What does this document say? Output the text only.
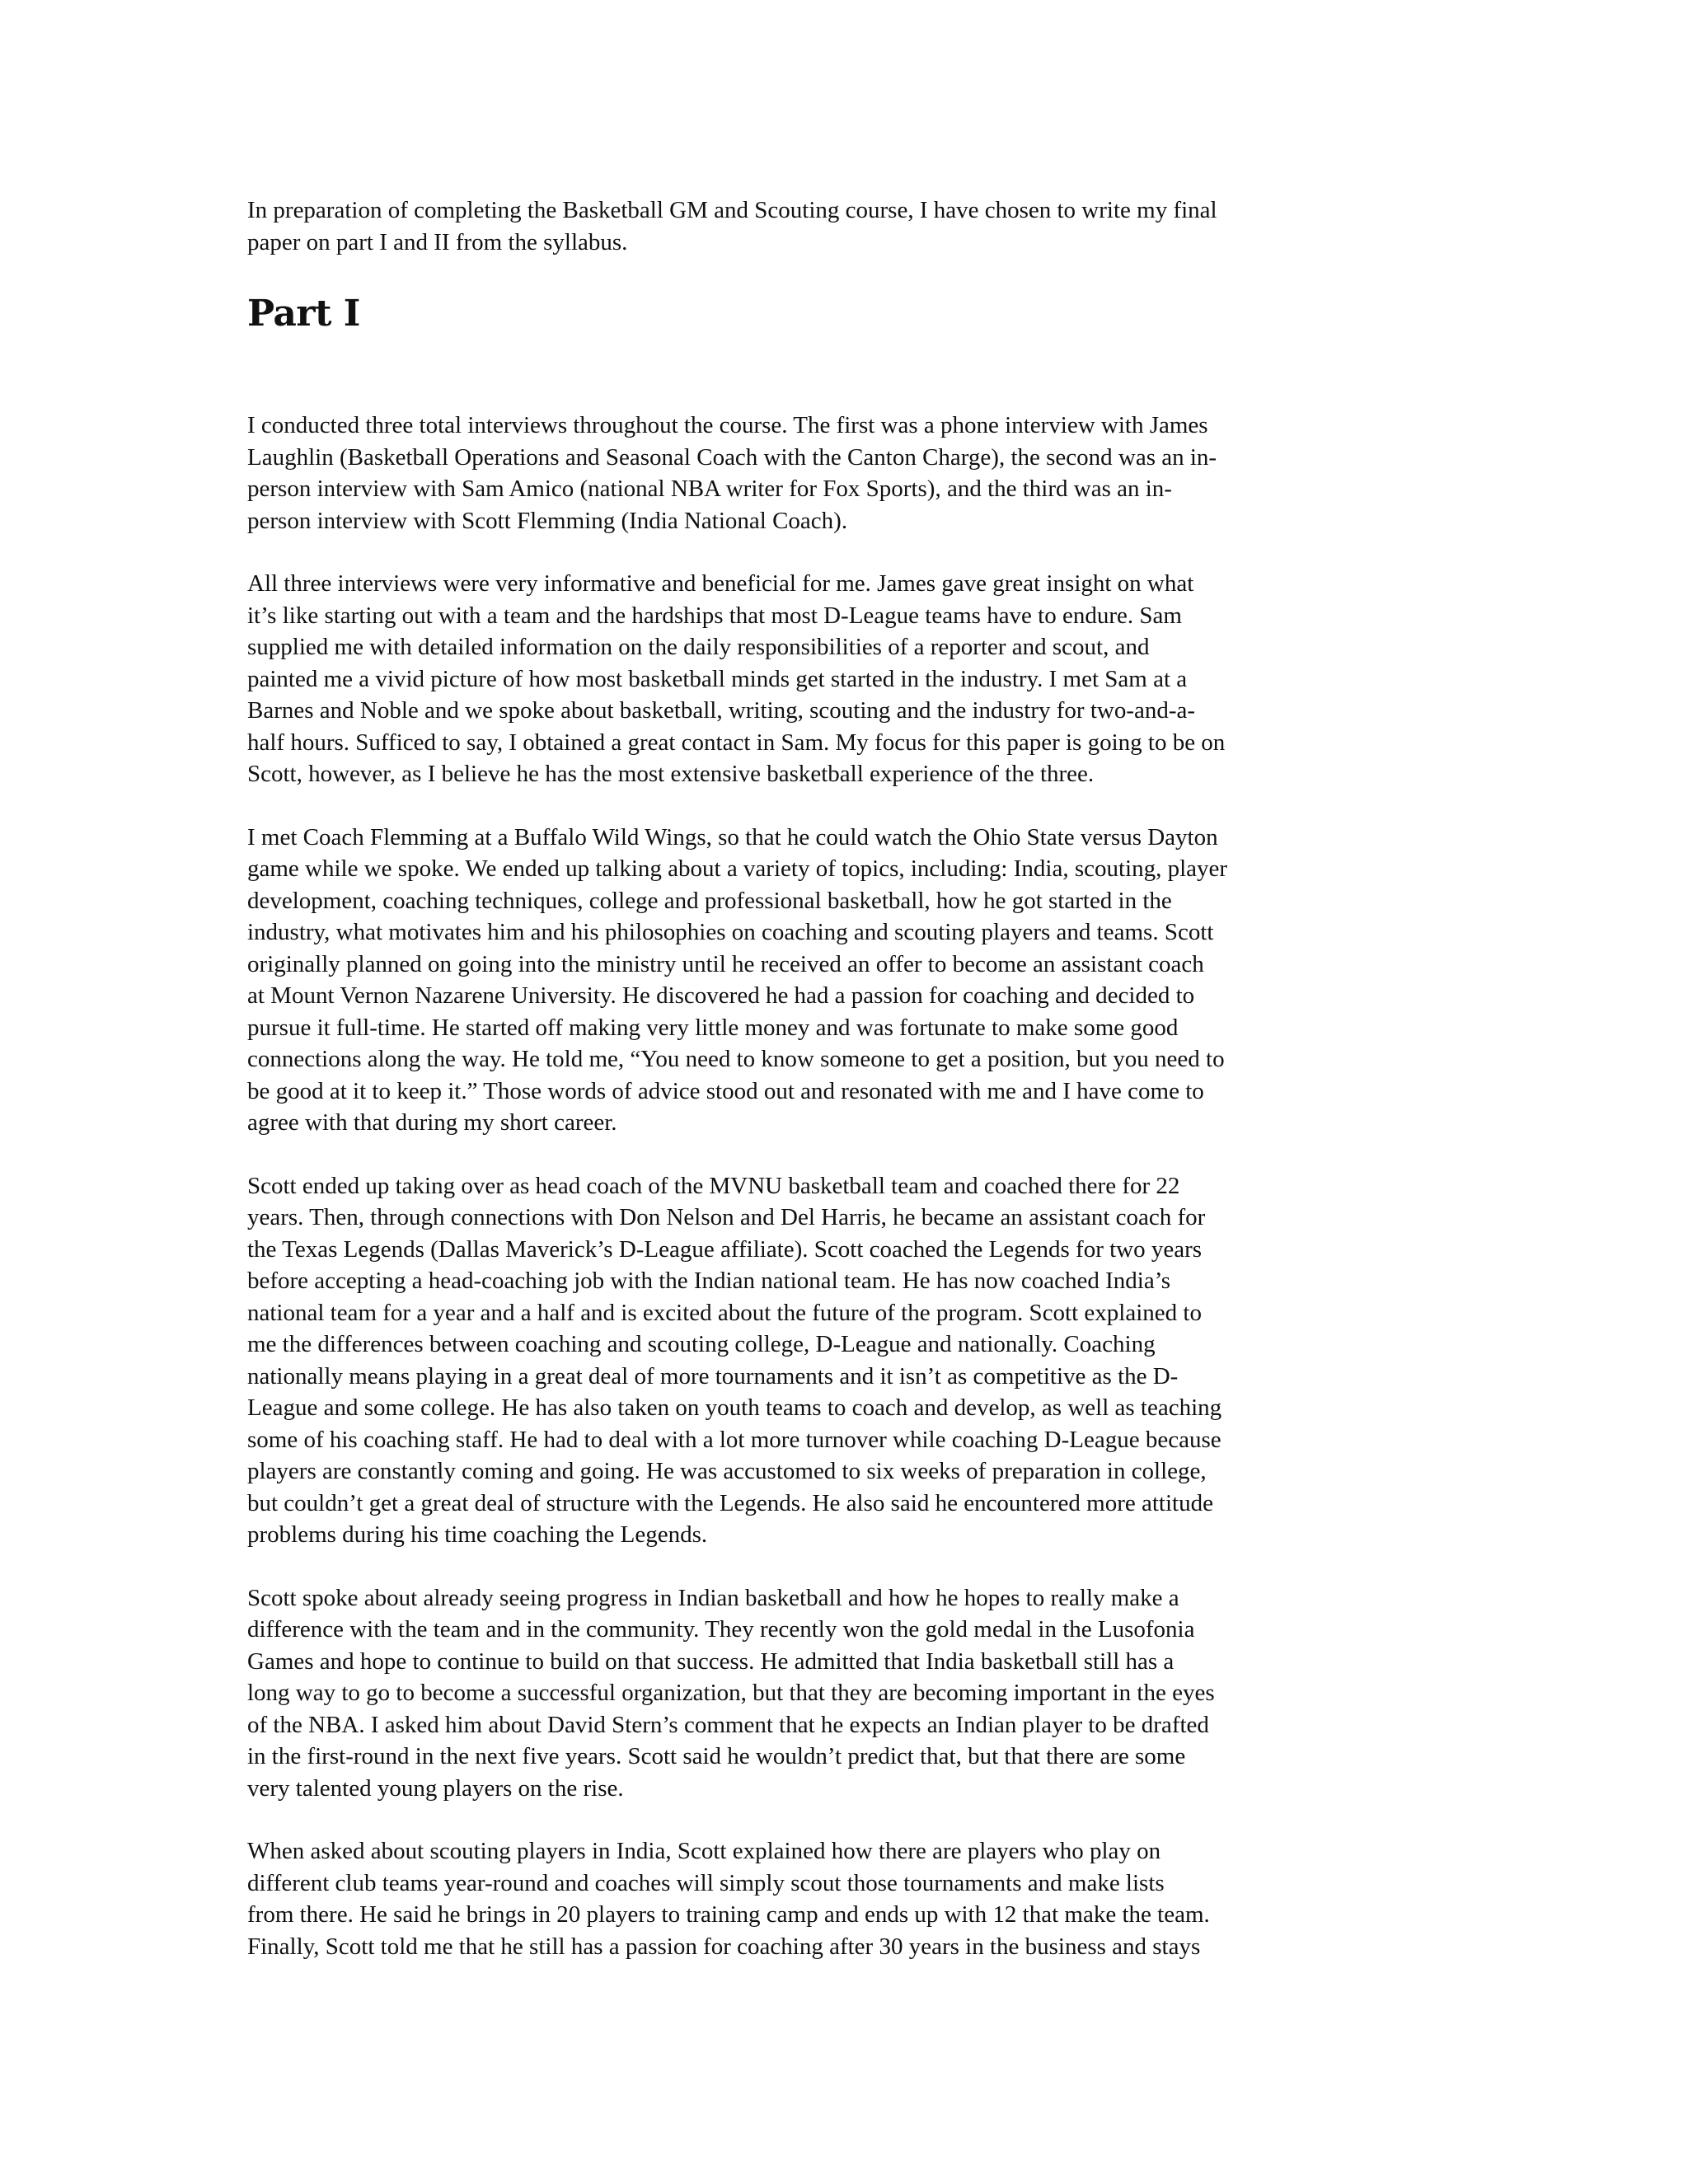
In preparation of completing the Basketball GM and Scouting course, I have chosen to write my final
paper on part I and II from the syllabus.
Part I
I conducted three total interviews throughout the course. The first was a phone interview with James
Laughlin (Basketball Operations and Seasonal Coach with the Canton Charge), the second was an in-
person interview with Sam Amico (national NBA writer for Fox Sports), and the third was an in-
person interview with Scott Flemming (India National Coach).
All three interviews were very informative and beneficial for me. James gave great insight on what
it’s like starting out with a team and the hardships that most D-League teams have to endure. Sam
supplied me with detailed information on the daily responsibilities of a reporter and scout, and
painted me a vivid picture of how most basketball minds get started in the industry. I met Sam at a
Barnes and Noble and we spoke about basketball, writing, scouting and the industry for two-and-a-
half hours. Sufficed to say, I obtained a great contact in Sam. My focus for this paper is going to be on
Scott, however, as I believe he has the most extensive basketball experience of the three.
I met Coach Flemming at a Buffalo Wild Wings, so that he could watch the Ohio State versus Dayton
game while we spoke. We ended up talking about a variety of topics, including: India, scouting, player
development, coaching techniques, college and professional basketball, how he got started in the
industry, what motivates him and his philosophies on coaching and scouting players and teams. Scott
originally planned on going into the ministry until he received an offer to become an assistant coach
at Mount Vernon Nazarene University. He discovered he had a passion for coaching and decided to
pursue it full-time. He started off making very little money and was fortunate to make some good
connections along the way. He told me, “You need to know someone to get a position, but you need to
be good at it to keep it.” Those words of advice stood out and resonated with me and I have come to
agree with that during my short career.
Scott ended up taking over as head coach of the MVNU basketball team and coached there for 22
years. Then, through connections with Don Nelson and Del Harris, he became an assistant coach for
the Texas Legends (Dallas Maverick’s D-League affiliate). Scott coached the Legends for two years
before accepting a head-coaching job with the Indian national team. He has now coached India’s
national team for a year and a half and is excited about the future of the program. Scott explained to
me the differences between coaching and scouting college, D-League and nationally. Coaching
nationally means playing in a great deal of more tournaments and it isn’t as competitive as the D-
League and some college. He has also taken on youth teams to coach and develop, as well as teaching
some of his coaching staff. He had to deal with a lot more turnover while coaching D-League because
players are constantly coming and going. He was accustomed to six weeks of preparation in college,
but couldn’t get a great deal of structure with the Legends. He also said he encountered more attitude
problems during his time coaching the Legends.
Scott spoke about already seeing progress in Indian basketball and how he hopes to really make a
difference with the team and in the community. They recently won the gold medal in the Lusofonia
Games and hope to continue to build on that success. He admitted that India basketball still has a
long way to go to become a successful organization, but that they are becoming important in the eyes
of the NBA. I asked him about David Stern’s comment that he expects an Indian player to be drafted
in the first-round in the next five years. Scott said he wouldn’t predict that, but that there are some
very talented young players on the rise.
When asked about scouting players in India, Scott explained how there are players who play on
different club teams year-round and coaches will simply scout those tournaments and make lists
from there. He said he brings in 20 players to training camp and ends up with 12 that make the team.
Finally, Scott told me that he still has a passion for coaching after 30 years in the business and stays
